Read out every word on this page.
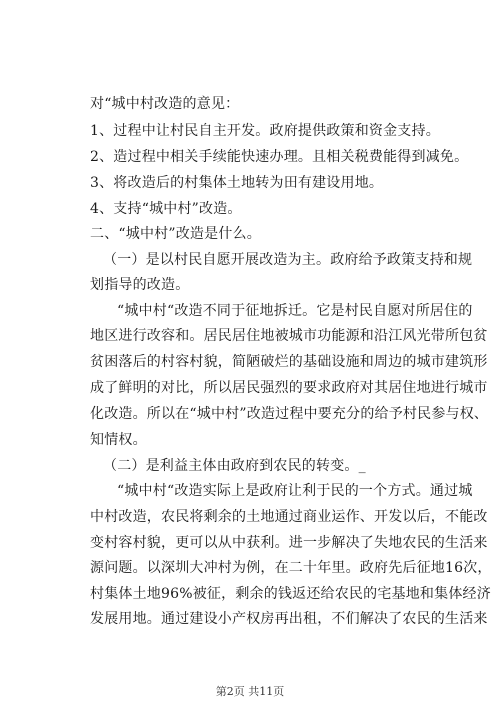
对“城中村改造的意见：
1、过程中让村民自主开发。政府提供政策和资金支持。
2、造过程中相关手续能快速办理。且相关税费能得到减免。
3、将改造后的村集体土地转为田有建设用地。
4、支持“城中村”改造。
二、“城中村”改造是什么。
（一）是以村民自愿开展改造为主。政府给予政策支持和规
划指导的改造。
“城中村“改造不同于征地拆迁。它是村民自愿对所居住的
地区进行改容和。居民居住地被城市功能源和沿江风光带所包贫
贫困落后的村容村貌，简陋破烂的基础设施和周边的城市建筑形
成了鲜明的对比，所以居民强烈的要求政府对其居住地进行城市
化改造。所以在“城中村”改造过程中要充分的给予村民参与权、
知情权。
（二）是利益主体由政府到农民的转变。_
“城中村“改造实际上是政府让利于民的一个方式。通过城
中村改造，农民将剩余的土地通过商业运作、开发以后，不能改
变村容村貌，更可以从中获利。进一步解决了失地农民的生活来
源问题。以深圳大冲村为例，在二十年里。政府先后征地16次，
村集体土地96%被征，剩余的钱返还给农民的宅基地和集体经济
发展用地。通过建设小产权房再出租，不们解决了农民的生活来
第2页 共11页
